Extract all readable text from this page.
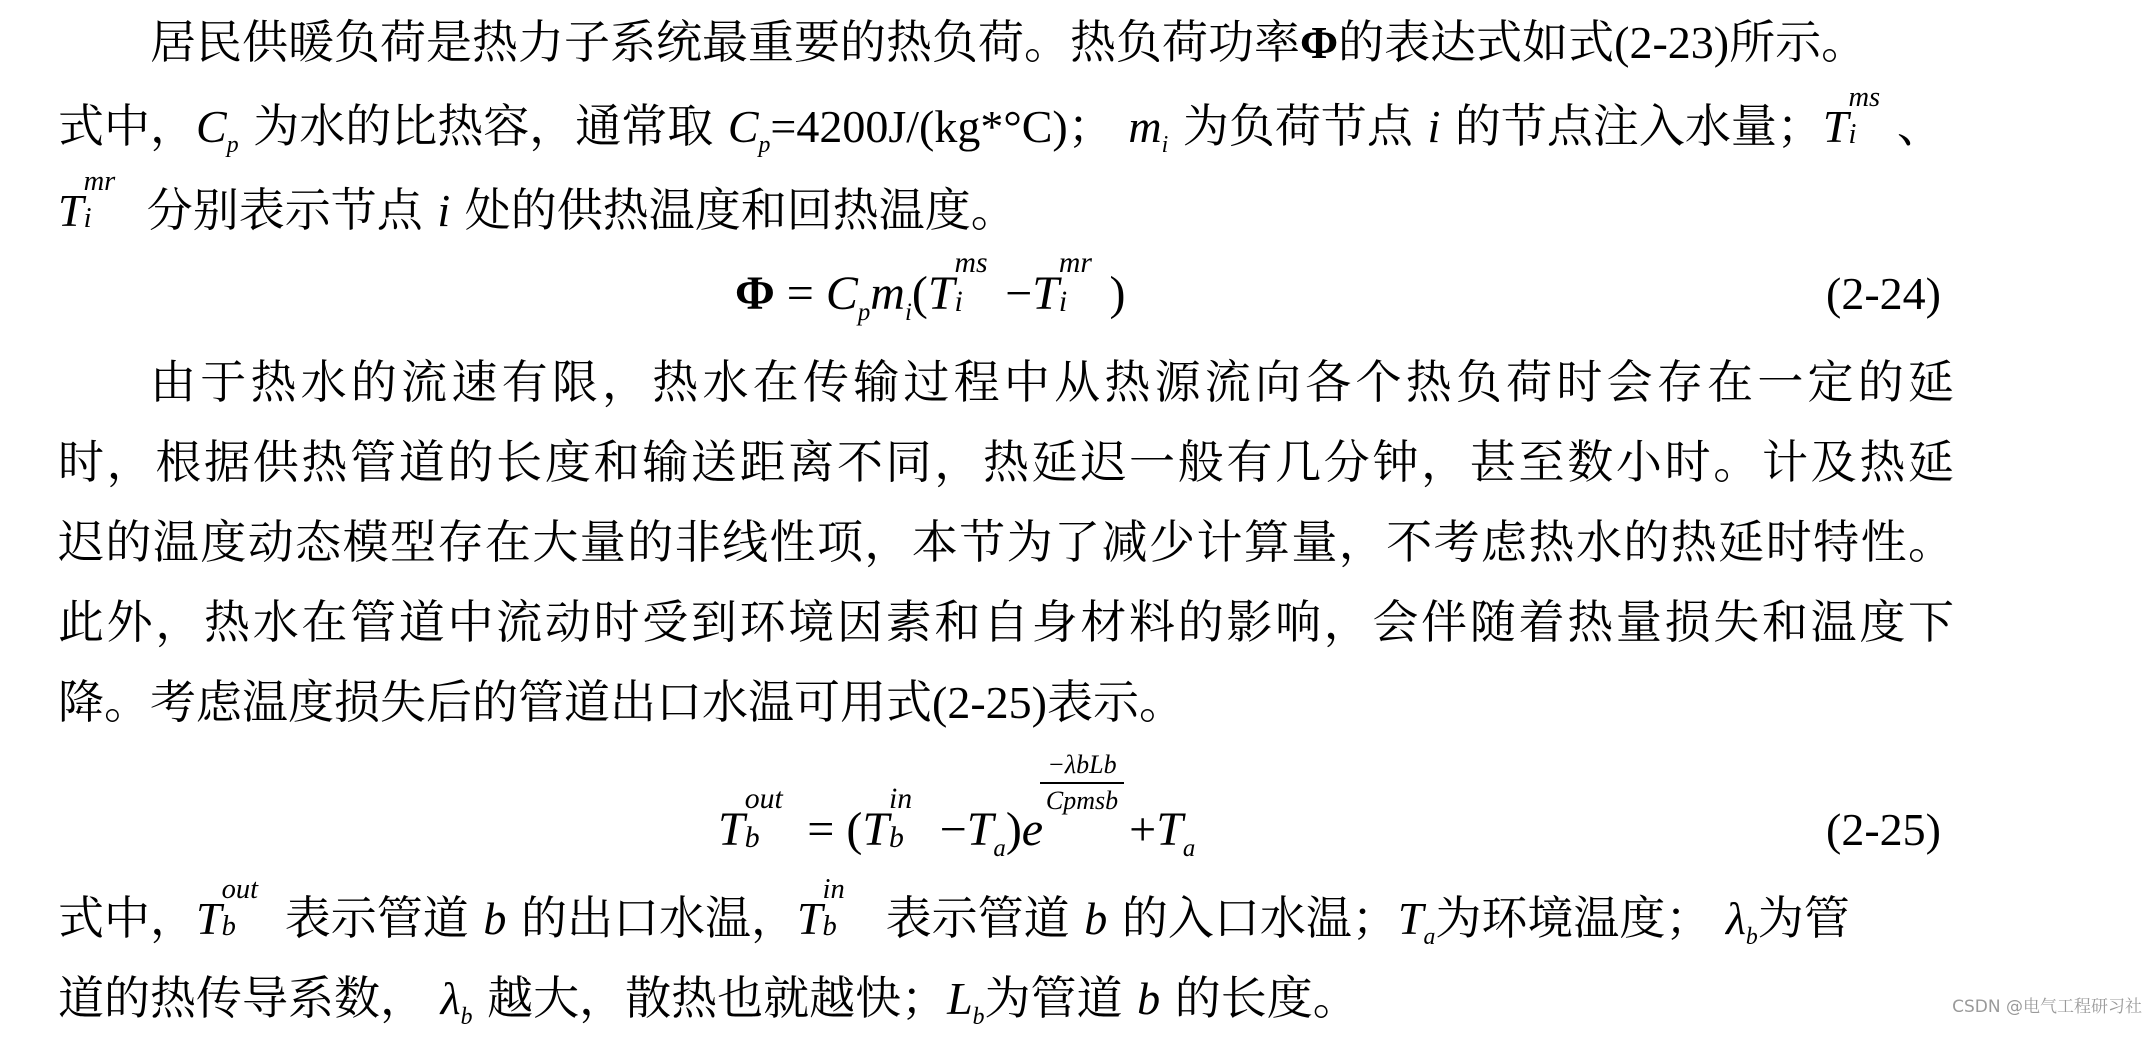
居民供暖负荷是热力子系统最重要的热负荷。热负荷功率Φ的表达式如式(2-23)所示。
式中，$C_p$ 为水的比热容，通常取 $C_p=4200J/(kg*^\circ C)$； $m_i$ 为负荷节点 i 的节点注入水量；T
ms
i 、
T
mr
i 分别表示节点 i 处的供热温度和回热温度。
$\Phi = C_pm_i(T$
ms
i −T
mr
i )	(2-24)
由于热水的流速有限，热水在传输过程中从热源流向各个热负荷时会存在一定的延
时，根据供热管道的长度和输送距离不同，热延迟一般有几分钟，甚至数小时。计及热延
迟的温度动态模型存在大量的非线性项，本节为了减少计算量，不考虑热水的热延时特性。
此外，热水在管道中流动时受到环境因素和自身材料的影响，会伴随着热量损失和温度下
降。考虑温度损失后的管道出口水温可用式(2-25)表示。
T
out
b = (T
in
$b -T_a)e +T_a$
−λbLb
Cpmsb
(2-25)
式中，T
out
b 表示管道 b 的出口水温，T
in
b 表示管道 b 的入口水温；$T_a$为环境温度； $\lambda_b$为管
道的热传导系数， $\lambda_b$ 越大，散热也就越快；$L_b$为管道 b 的长度。	CSDN @电气工程研习社
